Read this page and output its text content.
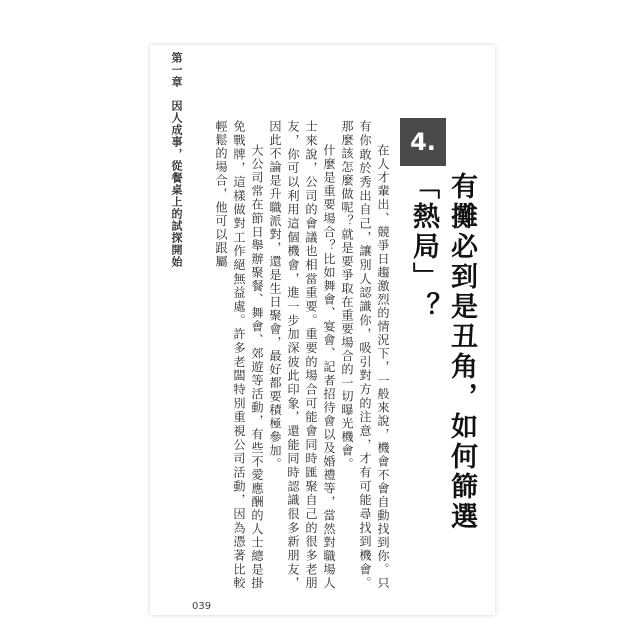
第一章　因人成事，從餐桌上的試探開始	4.
有攤必到是丑角，如何篩選「熱局」？

在人才輩出、競爭日趨激烈的情況下，一般來說，機會不會自動找到你。只有你敢於秀出自己，讓別人認識你，吸引對方的注意，才有可能尋找到機會。那麼該怎麼做呢？就是要爭取在重要場合的一切曝光機會。

什麼是重要場合？比如舞會、宴會、記者招待會以及婚禮等，當然對職場人士來說，公司的會議也相當重要。重要的場合可能會同時匯聚自己的很多老朋友，你可以利用這個機會，進一步加深彼此印象，還能同時認識很多新朋友，因此不論是升職派對，還是生日聚會，最好都要積極參加。

大公司常在節日舉辦聚餐、舞會、郊遊等活動，有些不愛應酬的人士總是掛免戰牌，這樣做對工作絕無益處。許多老闆特別重視公司活動，因為憑著比較輕鬆的場合，他可以跟屬

039
